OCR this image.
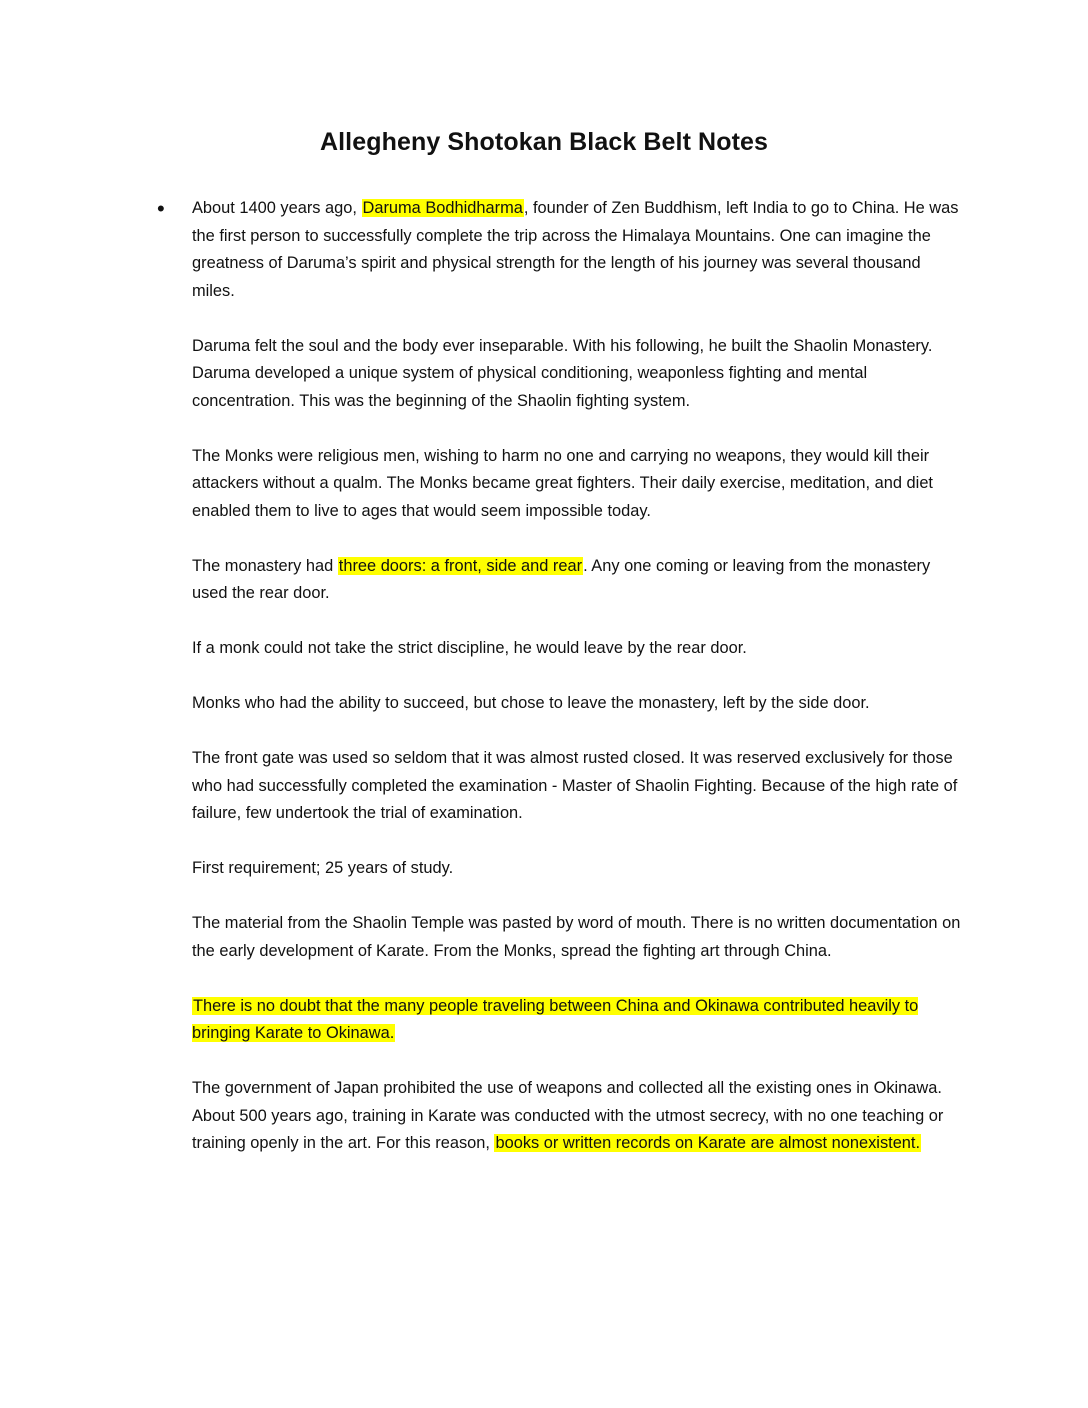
Allegheny Shotokan Black Belt Notes
• About 1400 years ago, Daruma Bodhidharma, founder of Zen Buddhism, left India to go to China. He was the first person to successfully complete the trip across the Himalaya Mountains. One can imagine the greatness of Daruma’s spirit and physical strength for the length of his journey was several thousand miles.

Daruma felt the soul and the body ever inseparable. With his following, he built the Shaolin Monastery. Daruma developed a unique system of physical conditioning, weaponless fighting and mental concentration. This was the beginning of the Shaolin fighting system.

The Monks were religious men, wishing to harm no one and carrying no weapons, they would kill their attackers without a qualm. The Monks became great fighters. Their daily exercise, meditation, and diet enabled them to live to ages that would seem impossible today.

The monastery had three doors: a front, side and rear. Any one coming or leaving from the monastery used the rear door.

If a monk could not take the strict discipline, he would leave by the rear door.

Monks who had the ability to succeed, but chose to leave the monastery, left by the side door.

The front gate was used so seldom that it was almost rusted closed. It was reserved exclusively for those who had successfully completed the examination - Master of Shaolin Fighting. Because of the high rate of failure, few undertook the trial of examination.

First requirement; 25 years of study.

The material from the Shaolin Temple was pasted by word of mouth. There is no written documentation on the early development of Karate. From the Monks, spread the fighting art through China.

There is no doubt that the many people traveling between China and Okinawa contributed heavily to bringing Karate to Okinawa.

The government of Japan prohibited the use of weapons and collected all the existing ones in Okinawa. About 500 years ago, training in Karate was conducted with the utmost secrecy, with no one teaching or training openly in the art. For this reason, books or written records on Karate are almost nonexistent.
